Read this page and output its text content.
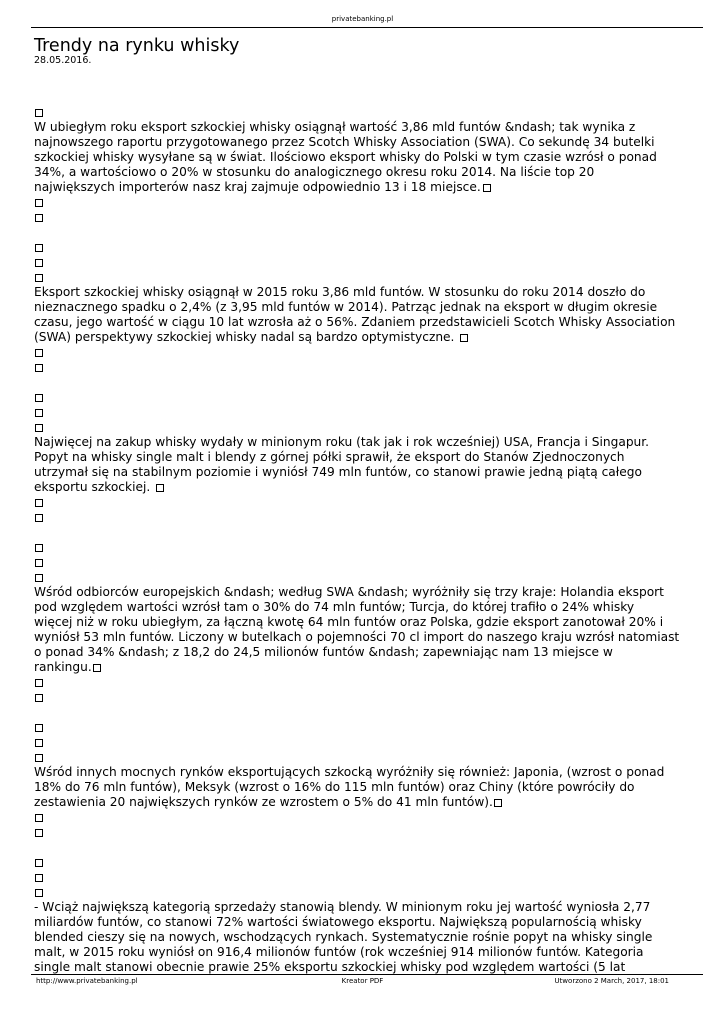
privatebanking.pl
Trendy na rynku whisky
28.05.2016.
W ubiegłym roku eksport szkockiej whisky osiągnął wartość 3,86 mld funtów &ndash; tak wynika z
najnowszego raportu przygotowanego przez Scotch Whisky Association (SWA). Co sekundę 34 butelki
szkockiej whisky wysyłane są w świat. Ilościowo eksport whisky do Polski w tym czasie wzrósł o ponad
34%, a wartościowo o 20% w stosunku do analogicznego okresu roku 2014. Na liście top 20
największych importerów nasz kraj zajmuje odpowiednio 13 i 18 miejsce.
Eksport szkockiej whisky osiągnął w 2015 roku 3,86 mld funtów. W stosunku do roku 2014 doszło do
nieznacznego spadku o 2,4% (z 3,95 mld funtów w 2014). Patrząc jednak na eksport w długim okresie
czasu, jego wartość w ciągu 10 lat wzrosła aż o 56%. Zdaniem przedstawicieli Scotch Whisky Association
(SWA) perspektywy szkockiej whisky nadal są bardzo optymistyczne.
Najwięcej na zakup whisky wydały w minionym roku (tak jak i rok wcześniej) USA, Francja i Singapur.
Popyt na whisky single malt i blendy z górnej półki sprawił, że eksport do Stanów Zjednoczonych
utrzymał się na stabilnym poziomie i wyniósł 749 mln funtów, co stanowi prawie jedną piątą całego
eksportu szkockiej.
Wśród odbiorców europejskich &ndash; według SWA &ndash; wyróżniły się trzy kraje: Holandia eksport
pod względem wartości wzrósł tam o 30% do 74 mln funtów; Turcja, do której trafiło o 24% whisky
więcej niż w roku ubiegłym, za łączną kwotę 64 mln funtów oraz Polska, gdzie eksport zanotował 20% i
wyniósł 53 mln funtów. Liczony w butelkach o pojemności 70 cl import do naszego kraju wzrósł natomiast
o ponad 34% &ndash; z 18,2 do 24,5 milionów funtów &ndash; zapewniając nam 13 miejsce w
rankingu.
Wśród innych mocnych rynków eksportujących szkocką wyróżniły się również: Japonia, (wzrost o ponad
18% do 76 mln funtów), Meksyk (wzrost o 16% do 115 mln funtów) oraz Chiny (które powróciły do
zestawienia 20 największych rynków ze wzrostem o 5% do 41 mln funtów).
- Wciąż największą kategorią sprzedaży stanowią blendy. W minionym roku jej wartość wyniosła 2,77
miliardów funtów, co stanowi 72% wartości światowego eksportu. Największą popularnością whisky
blended cieszy się na nowych, wschodzących rynkach. Systematycznie rośnie popyt na whisky single
malt, w 2015 roku wyniósł on 916,4 milionów funtów (rok wcześniej 914 milionów funtów. Kategoria
single malt stanowi obecnie prawie 25% eksportu szkockiej whisky pod względem wartości (5 lat
http://www.privatebanking.pl	Kreator PDF	Utworzono 2 March, 2017, 18:01
